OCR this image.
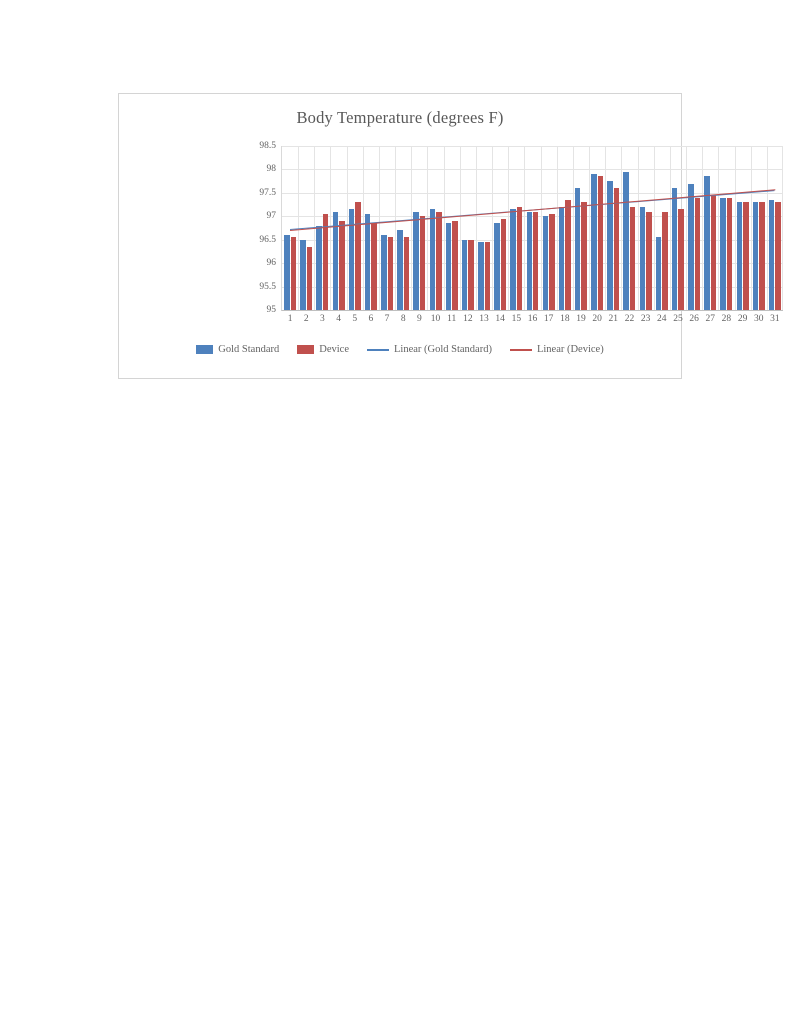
Body Temperature (degrees F)
95
95.5
96
96.5
97
97.5
98
98.5
1 2 3 4 5 6 7 8 9 10 11 12 13 14 15 16 17 18 19 20 21 22 23 24 25 26 27 28 29 30 31
Gold Standard	Device	Linear (Gold Standard)	Linear (Device)
